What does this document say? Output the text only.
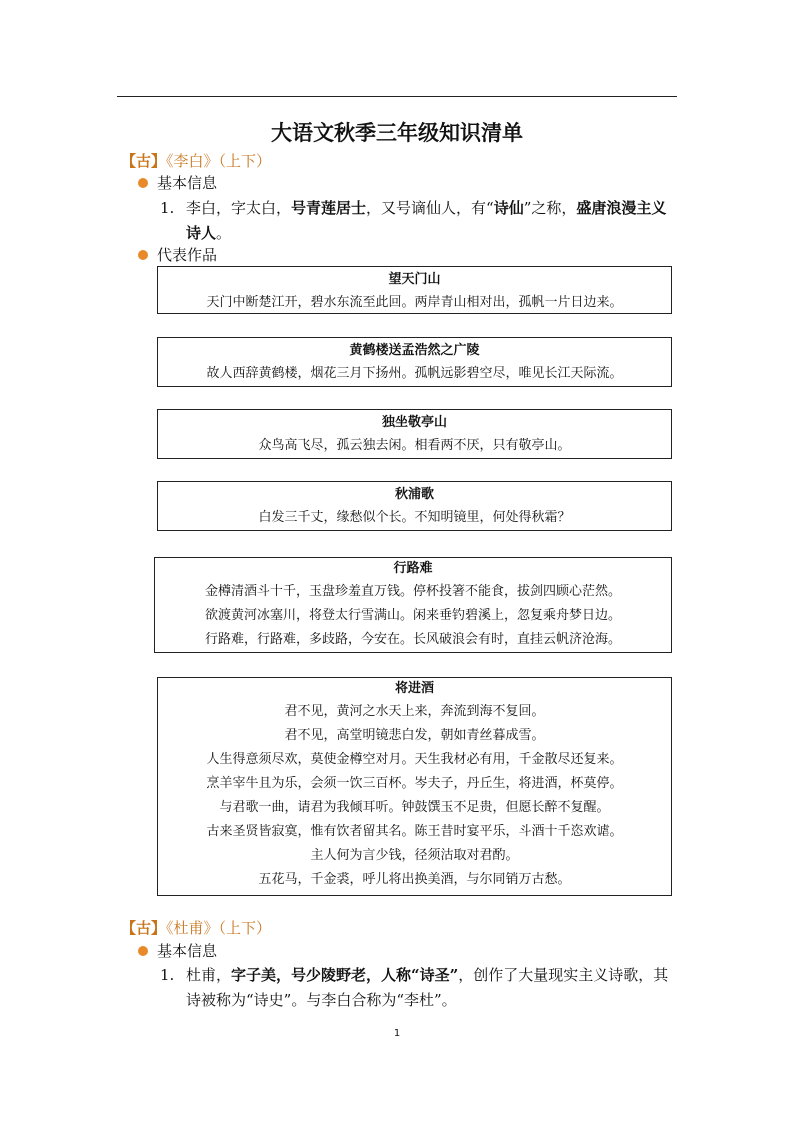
大语文秋季三年级知识清单
【古】《李白》（上下）
基本信息
1. 李白，字太白，号青莲居士，又号谪仙人，有“诗仙”之称，盛唐浪漫主义诗人。
代表作品
望天门山
天门中断楚江开，碧水东流至此回。两岸青山相对出，孤帆一片日边来。
黄鹤楼送孟浩然之广陵
故人西辞黄鹤楼，烟花三月下扬州。孤帆远影碧空尽，唯见长江天际流。
独坐敬亭山
众鸟高飞尽，孤云独去闲。相看两不厌，只有敬亭山。
秋浦歌
白发三千丈，缘愁似个长。不知明镜里，何处得秋霜？
行路难
金樽清酒斗十千，玉盘珍羞直万钱。停杯投箸不能食，拔剑四顾心茫然。
欲渡黄河冰塞川，将登太行雪满山。闲来垂钓碧溪上，忽复乘舟梦日边。
行路难，行路难，多歧路，今安在。长风破浪会有时，直挂云帆济沧海。
将进酒
君不见，黄河之水天上来，奔流到海不复回。
君不见，高堂明镜悲白发，朝如青丝暮成雪。
人生得意须尽欢，莫使金樽空对月。天生我材必有用，千金散尽还复来。
烹羊宰牛且为乐，会须一饮三百杯。岑夫子，丹丘生，将进酒，杯莫停。
与君歌一曲，请君为我倾耳听。钟鼓馔玉不足贵，但愿长醉不复醒。
古来圣贤皆寂寞，惟有饮者留其名。陈王昔时宴平乐，斗酒十千恣欢谑。
主人何为言少钱，径须沽取对君酌。
五花马，千金裘，呼儿将出换美酒，与尔同销万古愁。
【古】《杜甫》（上下）
基本信息
1. 杜甫，字子美，号少陵野老，人称“诗圣”，创作了大量现实主义诗歌，其诗被称为“诗史”。与李白合称为“李杜”。
1
